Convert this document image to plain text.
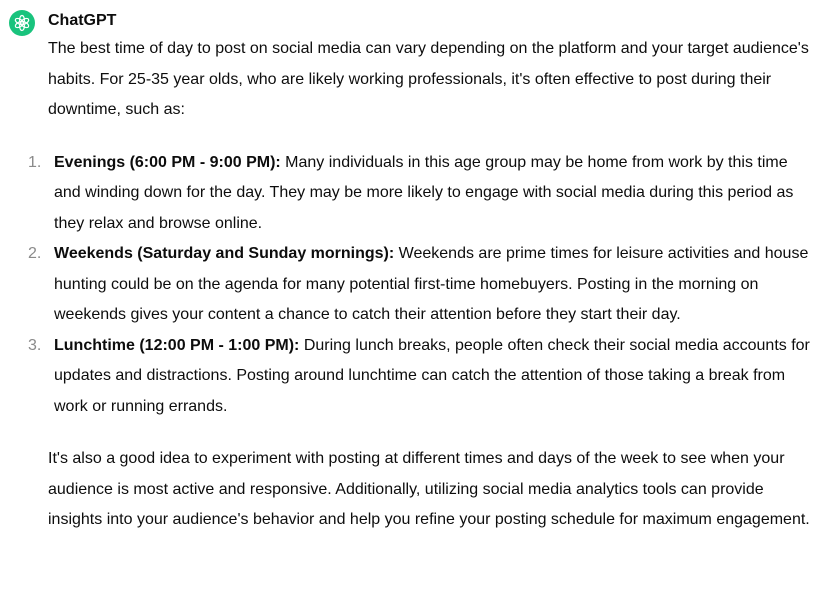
ChatGPT

The best time of day to post on social media can vary depending on the platform and your target audience's habits. For 25-35 year olds, who are likely working professionals, it's often effective to post during their downtime, such as:

1. Evenings (6:00 PM - 9:00 PM): Many individuals in this age group may be home from work by this time and winding down for the day. They may be more likely to engage with social media during this period as they relax and browse online.
2. Weekends (Saturday and Sunday mornings): Weekends are prime times for leisure activities and house hunting could be on the agenda for many potential first-time homebuyers. Posting in the morning on weekends gives your content a chance to catch their attention before they start their day.
3. Lunchtime (12:00 PM - 1:00 PM): During lunch breaks, people often check their social media accounts for updates and distractions. Posting around lunchtime can catch the attention of those taking a break from work or running errands.

It's also a good idea to experiment with posting at different times and days of the week to see when your audience is most active and responsive. Additionally, utilizing social media analytics tools can provide insights into your audience's behavior and help you refine your posting schedule for maximum engagement.
